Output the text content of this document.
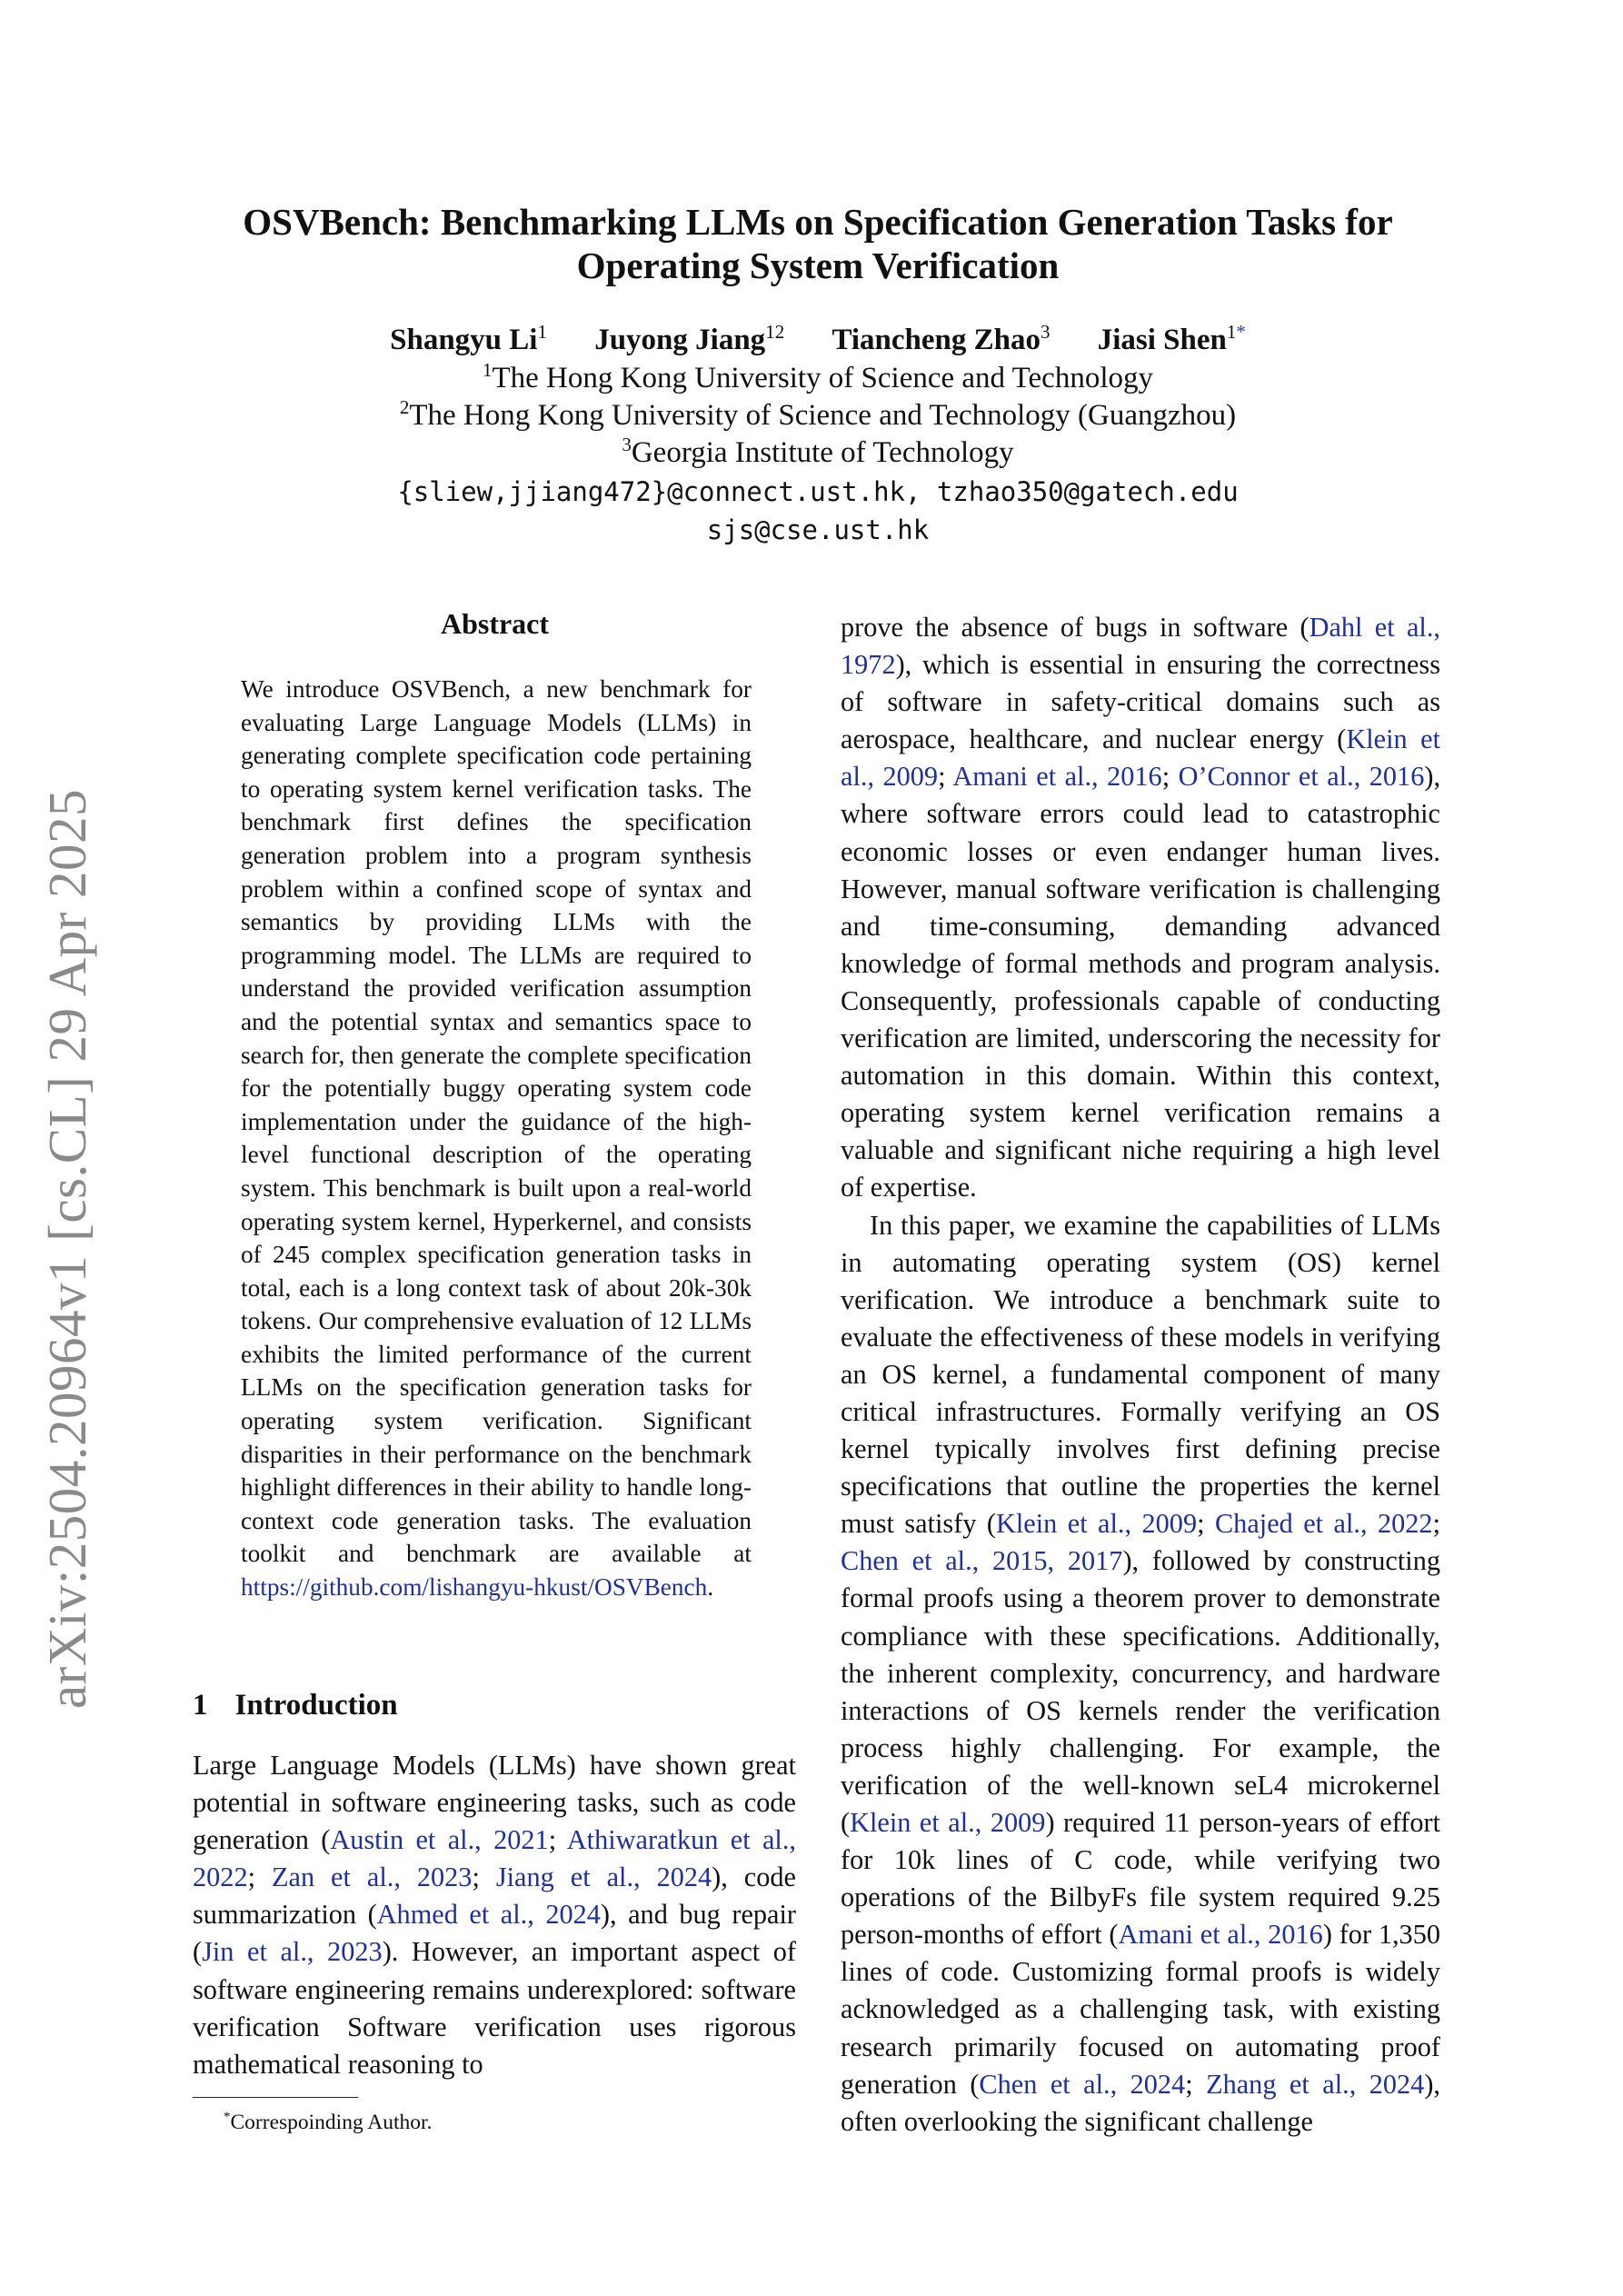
arXiv:2504.20964v1 [cs.CL] 29 Apr 2025
OSVBench: Benchmarking LLMs on Specification Generation Tasks for Operating System Verification
Shangyu Li$^1$ Juyong Jiang$^{12}$ Tiancheng Zhao$^3$ Jiasi Shen$^{1*}$
$^1$The Hong Kong University of Science and Technology
$^2$The Hong Kong University of Science and Technology (Guangzhou)
$^3$Georgia Institute of Technology
{sliew,jjiang472}@connect.ust.hk, tzhao350@gatech.edu
sjs@cse.ust.hk
Abstract
We introduce OSVBench, a new benchmark for evaluating Large Language Models (LLMs) in generating complete specification code pertaining to operating system kernel verification tasks. The benchmark first defines the specification generation problem into a program synthesis problem within a confined scope of syntax and semantics by providing LLMs with the programming model. The LLMs are required to understand the provided verification assumption and the potential syntax and semantics space to search for, then generate the complete specification for the potentially buggy operating system code implementation under the guidance of the high-level functional description of the operating system. This benchmark is built upon a real-world operating system kernel, Hyperkernel, and consists of 245 complex specification generation tasks in total, each is a long context task of about 20k-30k tokens. Our comprehensive evaluation of 12 LLMs exhibits the limited performance of the current LLMs on the specification generation tasks for operating system verification. Significant disparities in their performance on the benchmark highlight differences in their ability to handle long-context code generation tasks. The evaluation toolkit and benchmark are available at https://github.com/lishangyu-hkust/OSVBench.
1 Introduction

Large Language Models (LLMs) have shown great potential in software engineering tasks, such as code generation (Austin et al., 2021; Athiwaratkun et al., 2022; Zan et al., 2023; Jiang et al., 2024), code summarization (Ahmed et al., 2024), and bug repair (Jin et al., 2023). However, an important aspect of software engineering remains underexplored: software verification Software verification uses rigorous mathematical reasoning to

prove the absence of bugs in software (Dahl et al., 1972), which is essential in ensuring the correctness of software in safety-critical domains such as aerospace, healthcare, and nuclear energy (Klein et al., 2009; Amani et al., 2016; O’Connor et al., 2016), where software errors could lead to catastrophic economic losses or even endanger human lives. However, manual software verification is challenging and time-consuming, demanding advanced knowledge of formal methods and program analysis. Consequently, professionals capable of conducting verification are limited, underscoring the necessity for automation in this domain. Within this context, operating system kernel verification remains a valuable and significant niche requiring a high level of expertise.

In this paper, we examine the capabilities of LLMs in automating operating system (OS) kernel verification. We introduce a benchmark suite to evaluate the effectiveness of these models in verifying an OS kernel, a fundamental component of many critical infrastructures. Formally verifying an OS kernel typically involves first defining precise specifications that outline the properties the kernel must satisfy (Klein et al., 2009; Chajed et al., 2022; Chen et al., 2015, 2017), followed by constructing formal proofs using a theorem prover to demonstrate compliance with these specifications. Additionally, the inherent complexity, concurrency, and hardware interactions of OS kernels render the verification process highly challenging. For example, the verification of the well-known seL4 microkernel (Klein et al., 2009) required 11 person-years of effort for 10k lines of C code, while verifying two operations of the BilbyFs file system required 9.25 person-months of effort (Amani et al., 2016) for 1,350 lines of code. Customizing formal proofs is widely acknowledged as a challenging task, with existing research primarily focused on automating proof generation (Chen et al., 2024; Zhang et al., 2024), often overlooking the significant challenge

*Correspoinding Author.
